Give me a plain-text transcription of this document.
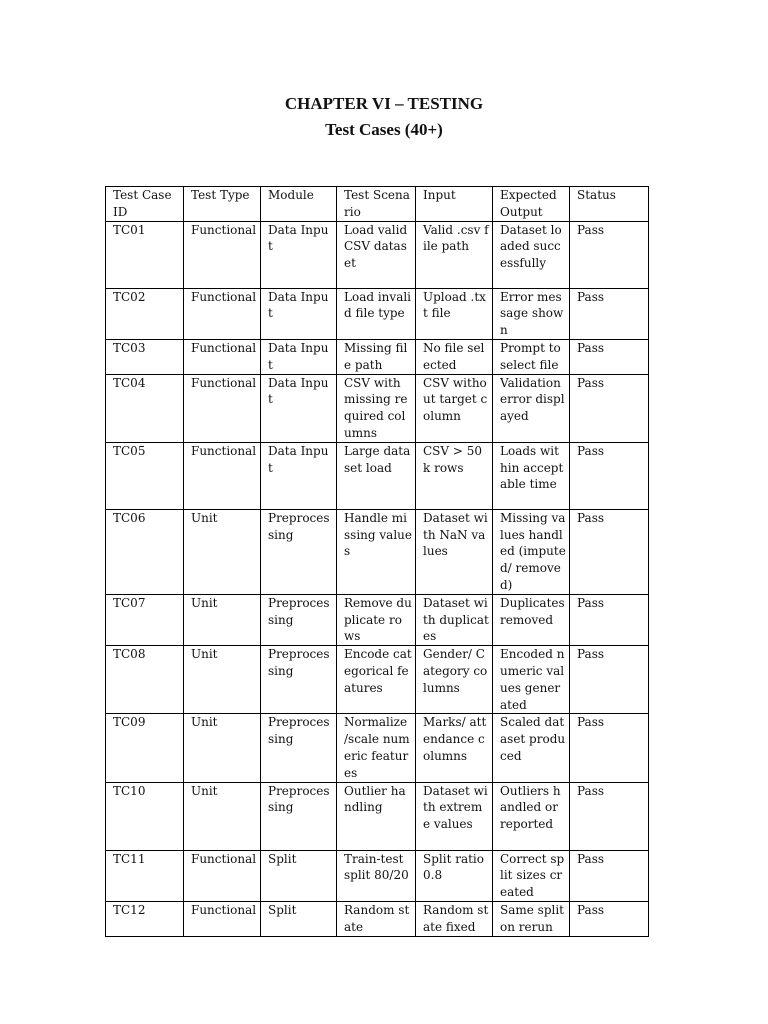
CHAPTER VI – TESTING
Test Cases (40+)
Test Case ID	Test Type	Module	Test Scenario	Input	Expected Output	Status
TC01	Functional	Data Input	Load valid CSV dataset	Valid .csv file path	Dataset loaded successfully	Pass
TC02	Functional	Data Input	Load invalid file type	Upload .txt file	Error message shown	Pass
TC03	Functional	Data Input	Missing file path	No file selected	Prompt to select file	Pass
TC04	Functional	Data Input	CSV with missing required columns	CSV without target column	Validation error displayed	Pass
TC05	Functional	Data Input	Large dataset load	CSV > 50k rows	Loads within acceptable time	Pass
TC06	Unit	Preprocessing	Handle missing values	Dataset with NaN values	Missing values handled (imputed/ removed)	Pass
TC07	Unit	Preprocessing	Remove duplicate rows	Dataset with duplicates	Duplicates removed	Pass
TC08	Unit	Preprocessing	Encode categorical features	Gender/ Category columns	Encoded numeric values generated	Pass
TC09	Unit	Preprocessing	Normalize /scale numeric features	Marks/ attendance columns	Scaled dataset produced	Pass
TC10	Unit	Preprocessing	Outlier handling	Dataset with extreme values	Outliers handled or reported	Pass
TC11	Functional	Split	Train-test split 80/20	Split ratio 0.8	Correct split sizes created	Pass
TC12	Functional	Split	Random state	Random state fixed	Same split on rerun	Pass
